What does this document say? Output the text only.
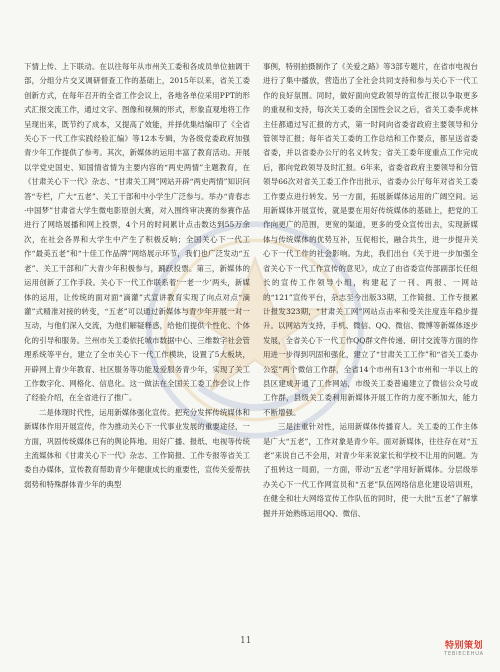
下情上传、上下联动。在以往每年从市州关工委和各成员单位抽调干部，分组分片交叉调研督查工作的基础上，2015年以来，省关工委创新方式，在每年召开的全省工作会议上，各地各单位采用PPT的形式汇报交流工作，通过文字、图像和视频的形式，形象直观地将工作呈现出来，既节约了成本，又提高了效能，并择优集结编印了《全省关心下一代工作实践经验汇编》等12本专辑，为各级党委政府加强青少年工作提供了参考。其次，新媒体的运用丰富了教育活动。开展以学党史国史、知国情省情为主要内容的“两史两情”主题教育，在《甘肃关心下一代》杂志、“甘肃关工网”网站开辟“两史两情”知识问答“专栏，广大“五老”、关工干部和中小学生广泛参与。举办“青春志·中国梦”甘肃省大学生微电影原创大赛，对入围终审决赛的参赛作品进行了网络展播和网上投票，4个月的时间累计点击数达到55万余次，在社会各界和大学生中产生了积极反响；全国关心下一代工作“最美五老”和“十佳工作品牌”网络展示环节，我们也广泛发动“五老”、关工干部和广大青少年积极参与，踊跃投票。第三，新媒体的运用创新了工作手段。关心下一代工作联系着‘一老一少’两头，新媒体的运用，让传统的面对面“滴灌”式宣讲教育实现了向点对点“滴灌”式精准对接的转变，“五老”可以通过新媒体与青少年开展一对一互动，与他们深入交流，为他们解疑释惑，给他们提供个性化、个体化的引导和服务。兰州市关工委依托城市数据中心、三维数字社会管理系统等平台，建立了全市关心下一代工作模块，设置了5大板块，开辟网上青少年教育、社区服务等功能及爱服务青少年，实现了关工工作数字化、网格化、信息化。这一做法在全国关工委工作会议上作了经验介绍，在全省进行了推广。

二是体现时代性，运用新媒体强化宣传。把充分发挥传统媒体和新媒体作用开展宣传，作为推动关心下一代事业发展的重要途径，一方面，巩固传统媒体已有的舆论阵地。用好广播、报纸、电视等传统主流媒体和《甘肃关心下一代》杂志、工作简报、工作专报等省关工委自办媒体，宣传教育帮助青少年健康成长的重要性，宣传关爱帮扶弱势和特殊群体青少年的典型

事例，特别拍摄制作了《关爱之路》等3部专题片，在省市电视台进行了集中播放，营造出了全社会共同支持和参与关心下一代工作的良好氛围。同时，做好面向党政领导的宣传汇报以争取更多的重视和支持，每次关工委的全国性会议之后，省关工委李虎林主任都通过写汇报的方式，第一时间向省委省政府主要领导和分管领导汇报；每年省关工委的工作总结和工作要点，都呈送省委省委，并以省委办公厅的名义转发；省关工委年度重点工作完成后，都向党政领导及时汇报。6年来，省委省政府主要领导和分管领导66次对省关工委工作作出批示，省委办公厅每年对省关工委工作要点进行转发。另一方面，拓展新媒体运用的广阔空间。运用新媒体开展宣传，就是要在用好传统媒体的基础上，把党的工作向更广的范围，更宽的渠道，更多的受众宣传出去，实现新媒体与传统媒体的优势互补，互促相长，融合共生，进一步提升关心下一代工作的社会影响。为此，我们出台《关于进一步加强全省关心下一代工作宣传的意见》，成立了由省委宣传部副部长任组长的宣传工作领导小组，构建起了一刊、两报、一网站的“121”宣传平台，杂志至今出版33期，工作简报、工作专报累计报发323期，“甘肃关工网”网站点击率和受关注度连年稳步提升。以网站为支持，手机、微信、QQ、微信、微博等新媒体逐步发展，全省关心下一代工作QQ群文件传递、研讨交流等方面的作用进一步得到巩固和强化，建立了“甘肃关工工作”和“省关工委办公室”两个微信工作群，全省14个市州有13个市州和一半以上的县区建成开通了工作网站，市级关工委普遍建立了微信公众号或工作群，县级关工委利用新媒体开展工作的力度不断加大，能力不断增强。

三是注重针对性，运用新媒体传播育人。关工委的工作主体是广大“五老”，工作对象是青少年。面对新媒体，往往存在对“五老”来说自己不会用，对青少年来说家长和学校不让用的问题。为了扭转这一局面，一方面，带动“五老”学用好新媒体。分层级举办关心下一代工作网宣员和“五老”队伍网络信息化建设培训班，在健全和壮大网络宣传工作队伍的同时，使一大批“五老”了解掌握并开始熟练运用QQ、微信、

11	特别策划
TEBIECEHUA
